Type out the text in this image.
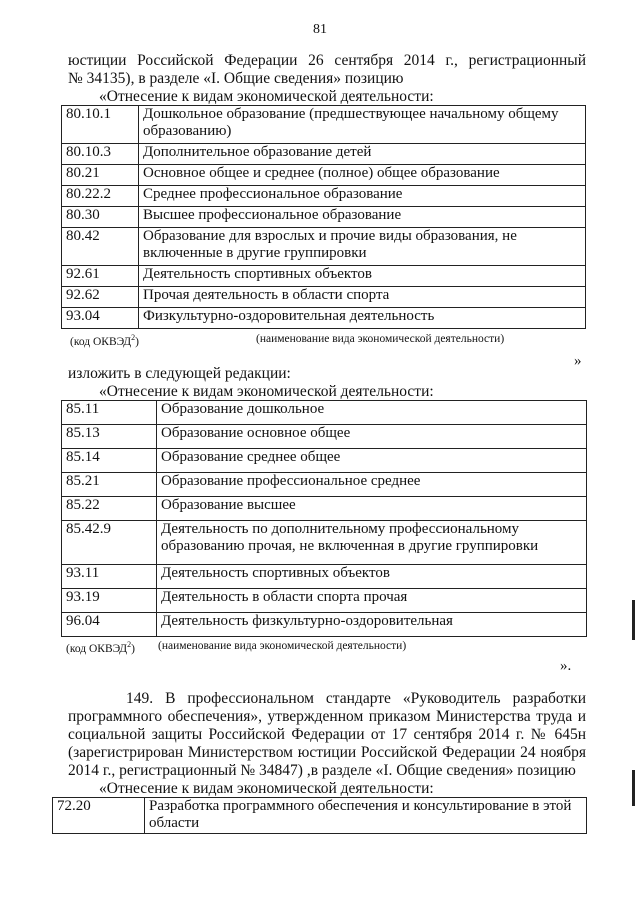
81
юстиции Российской Федерации 26 сентября 2014 г., регистрационный
№ 34135), в разделе «I. Общие сведения» позицию
«Отнесение к видам экономической деятельности:
80.10.1	Дошкольное образование (предшествующее начальному общему образованию)
80.10.3	Дополнительное образование детей
80.21	Основное общее и среднее (полное) общее образование
80.22.2	Среднее профессиональное образование
80.30	Высшее профессиональное образование
80.42	Образование для взрослых и прочие виды образования, не включенные в другие группировки
92.61	Деятельность спортивных объектов
92.62	Прочая деятельность в области спорта
93.04	Физкультурно-оздоровительная деятельность
(код ОКВЭД$^2$)	(наименование вида экономической деятельности)
»
изложить в следующей редакции:
«Отнесение к видам экономической деятельности:
85.11	Образование дошкольное
85.13	Образование основное общее
85.14	Образование среднее общее
85.21	Образование профессиональное среднее
85.22	Образование высшее
85.42.9	Деятельность по дополнительному профессиональному образованию прочая, не включенная в другие группировки
93.11	Деятельность спортивных объектов
93.19	Деятельность в области спорта прочая
96.04	Деятельность физкультурно-оздоровительная
(код ОКВЭД$^2$) (наименование вида экономической деятельности)
».
149. В профессиональном стандарте «Руководитель разработки
программного обеспечения», утвержденном приказом Министерства труда и
социальной защиты Российской Федерации от 17 сентября 2014 г. № 645н
(зарегистрирован Министерством юстиции Российской Федерации 24 ноября
2014 г., регистрационный № 34847) ,в разделе «I. Общие сведения» позицию
«Отнесение к видам экономической деятельности:
72.20	Разработка программного обеспечения и консультирование в этой области
